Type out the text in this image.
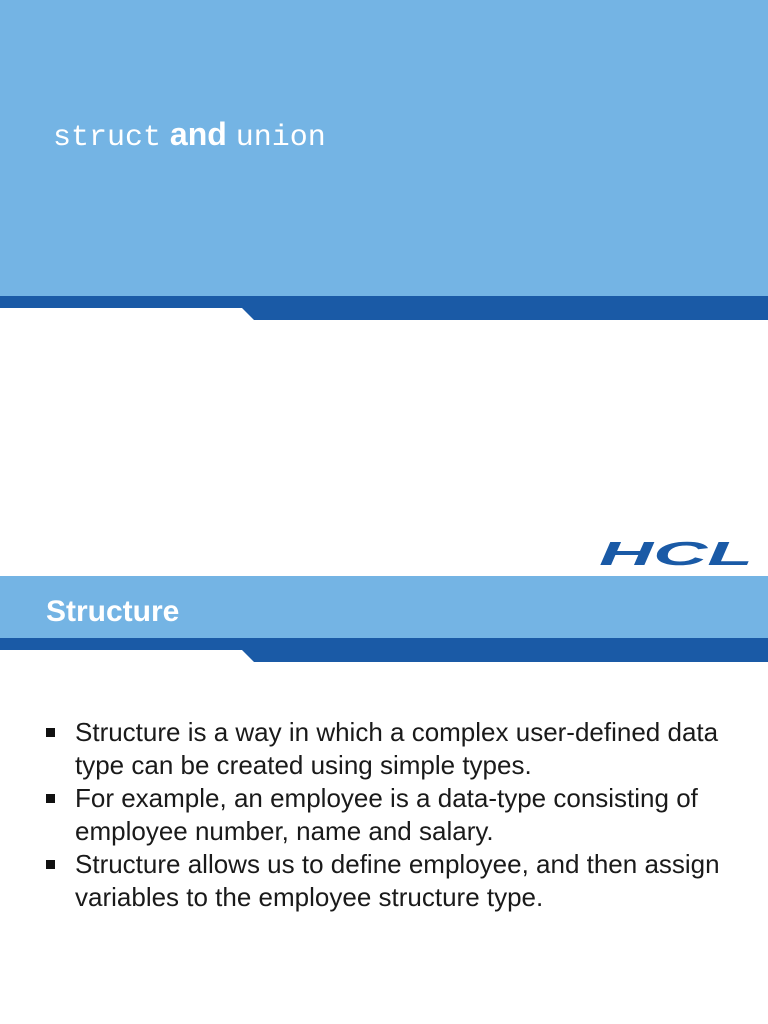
struct and union
HCL
Structure
Structure is a way in which a complex user-defined data type can be created using simple types.
For example, an employee is a data-type consisting of employee number, name and salary.
Structure allows us to define employee, and then assign variables to the employee structure type.
